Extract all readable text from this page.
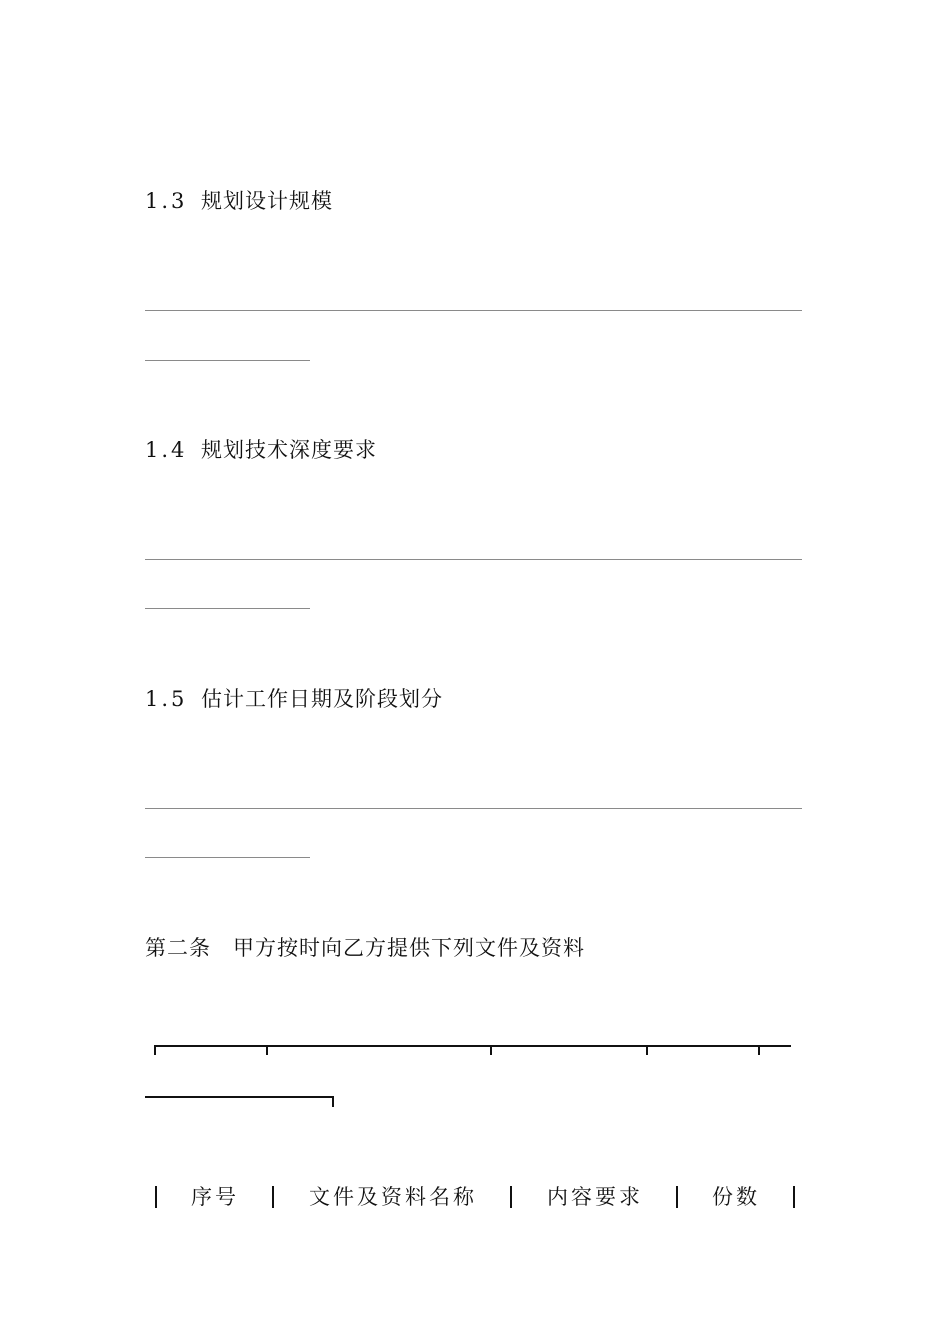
1.3 规划设计规模
1.4 规划技术深度要求
1.5 估计工作日期及阶段划分
第二条 甲方按时向乙方提供下列文件及资料
序号	文件及资料名称	内容要求	份数
